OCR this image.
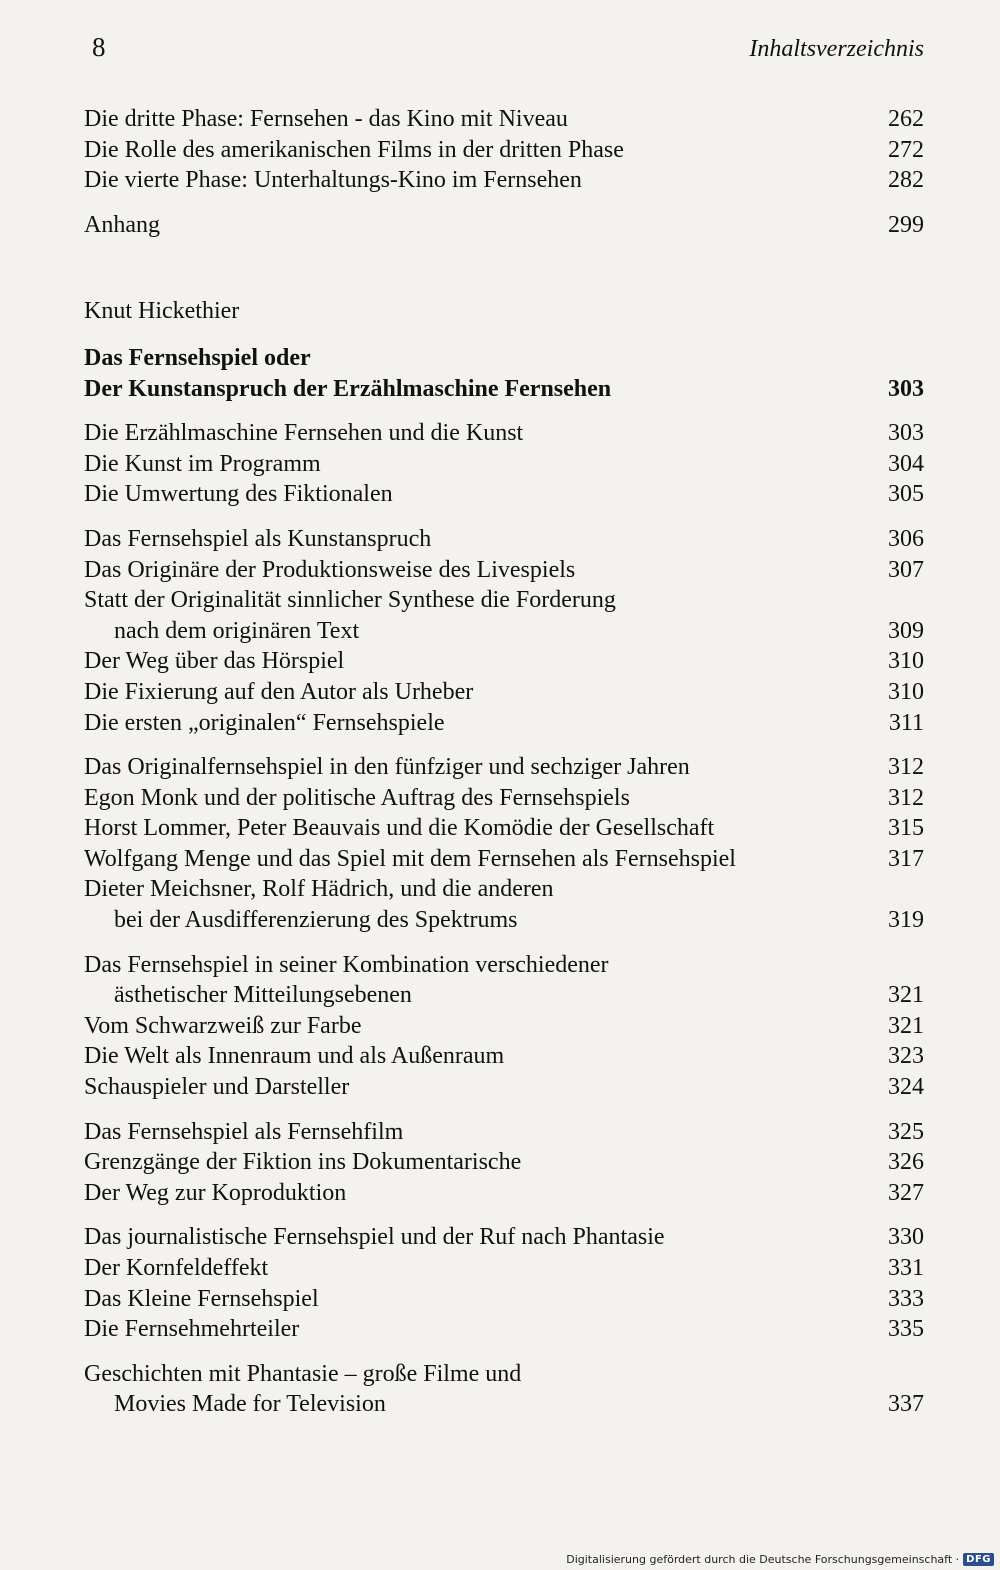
8	Inhaltsverzeichnis
Die dritte Phase: Fernsehen - das Kino mit Niveau	262
Die Rolle des amerikanischen Films in der dritten Phase	272
Die vierte Phase: Unterhaltungs-Kino im Fernsehen	282
Anhang	299
Knut Hickethier
Das Fernsehspiel oder
Der Kunstanspruch der Erzählmaschine Fernsehen	303
Die Erzählmaschine Fernsehen und die Kunst	303
Die Kunst im Programm	304
Die Umwertung des Fiktionalen	305
Das Fernsehspiel als Kunstanspruch	306
Das Originäre der Produktionsweise des Livespiels	307
Statt der Originalität sinnlicher Synthese die Forderung
nach dem originären Text	309
Der Weg über das Hörspiel	310
Die Fixierung auf den Autor als Urheber	310
Die ersten „originalen“ Fernsehspiele	311
Das Originalfernsehspiel in den fünfziger und sechziger Jahren	312
Egon Monk und der politische Auftrag des Fernsehspiels	312
Horst Lommer, Peter Beauvais und die Komödie der Gesellschaft	315
Wolfgang Menge und das Spiel mit dem Fernsehen als Fernsehspiel	317
Dieter Meichsner, Rolf Hädrich, und die anderen
bei der Ausdifferenzierung des Spektrums	319
Das Fernsehspiel in seiner Kombination verschiedener
ästhetischer Mitteilungsebenen	321
Vom Schwarzweiß zur Farbe	321
Die Welt als Innenraum und als Außenraum	323
Schauspieler und Darsteller	324
Das Fernsehspiel als Fernsehfilm	325
Grenzgänge der Fiktion ins Dokumentarische	326
Der Weg zur Koproduktion	327
Das journalistische Fernsehspiel und der Ruf nach Phantasie	330
Der Kornfeldeffekt	331
Das Kleine Fernsehspiel	333
Die Fernsehmehrteiler	335
Geschichten mit Phantasie – große Filme und
Movies Made for Television	337
Digitalisierung gefördert durch die Deutsche Forschungsgemeinschaft · DFG
